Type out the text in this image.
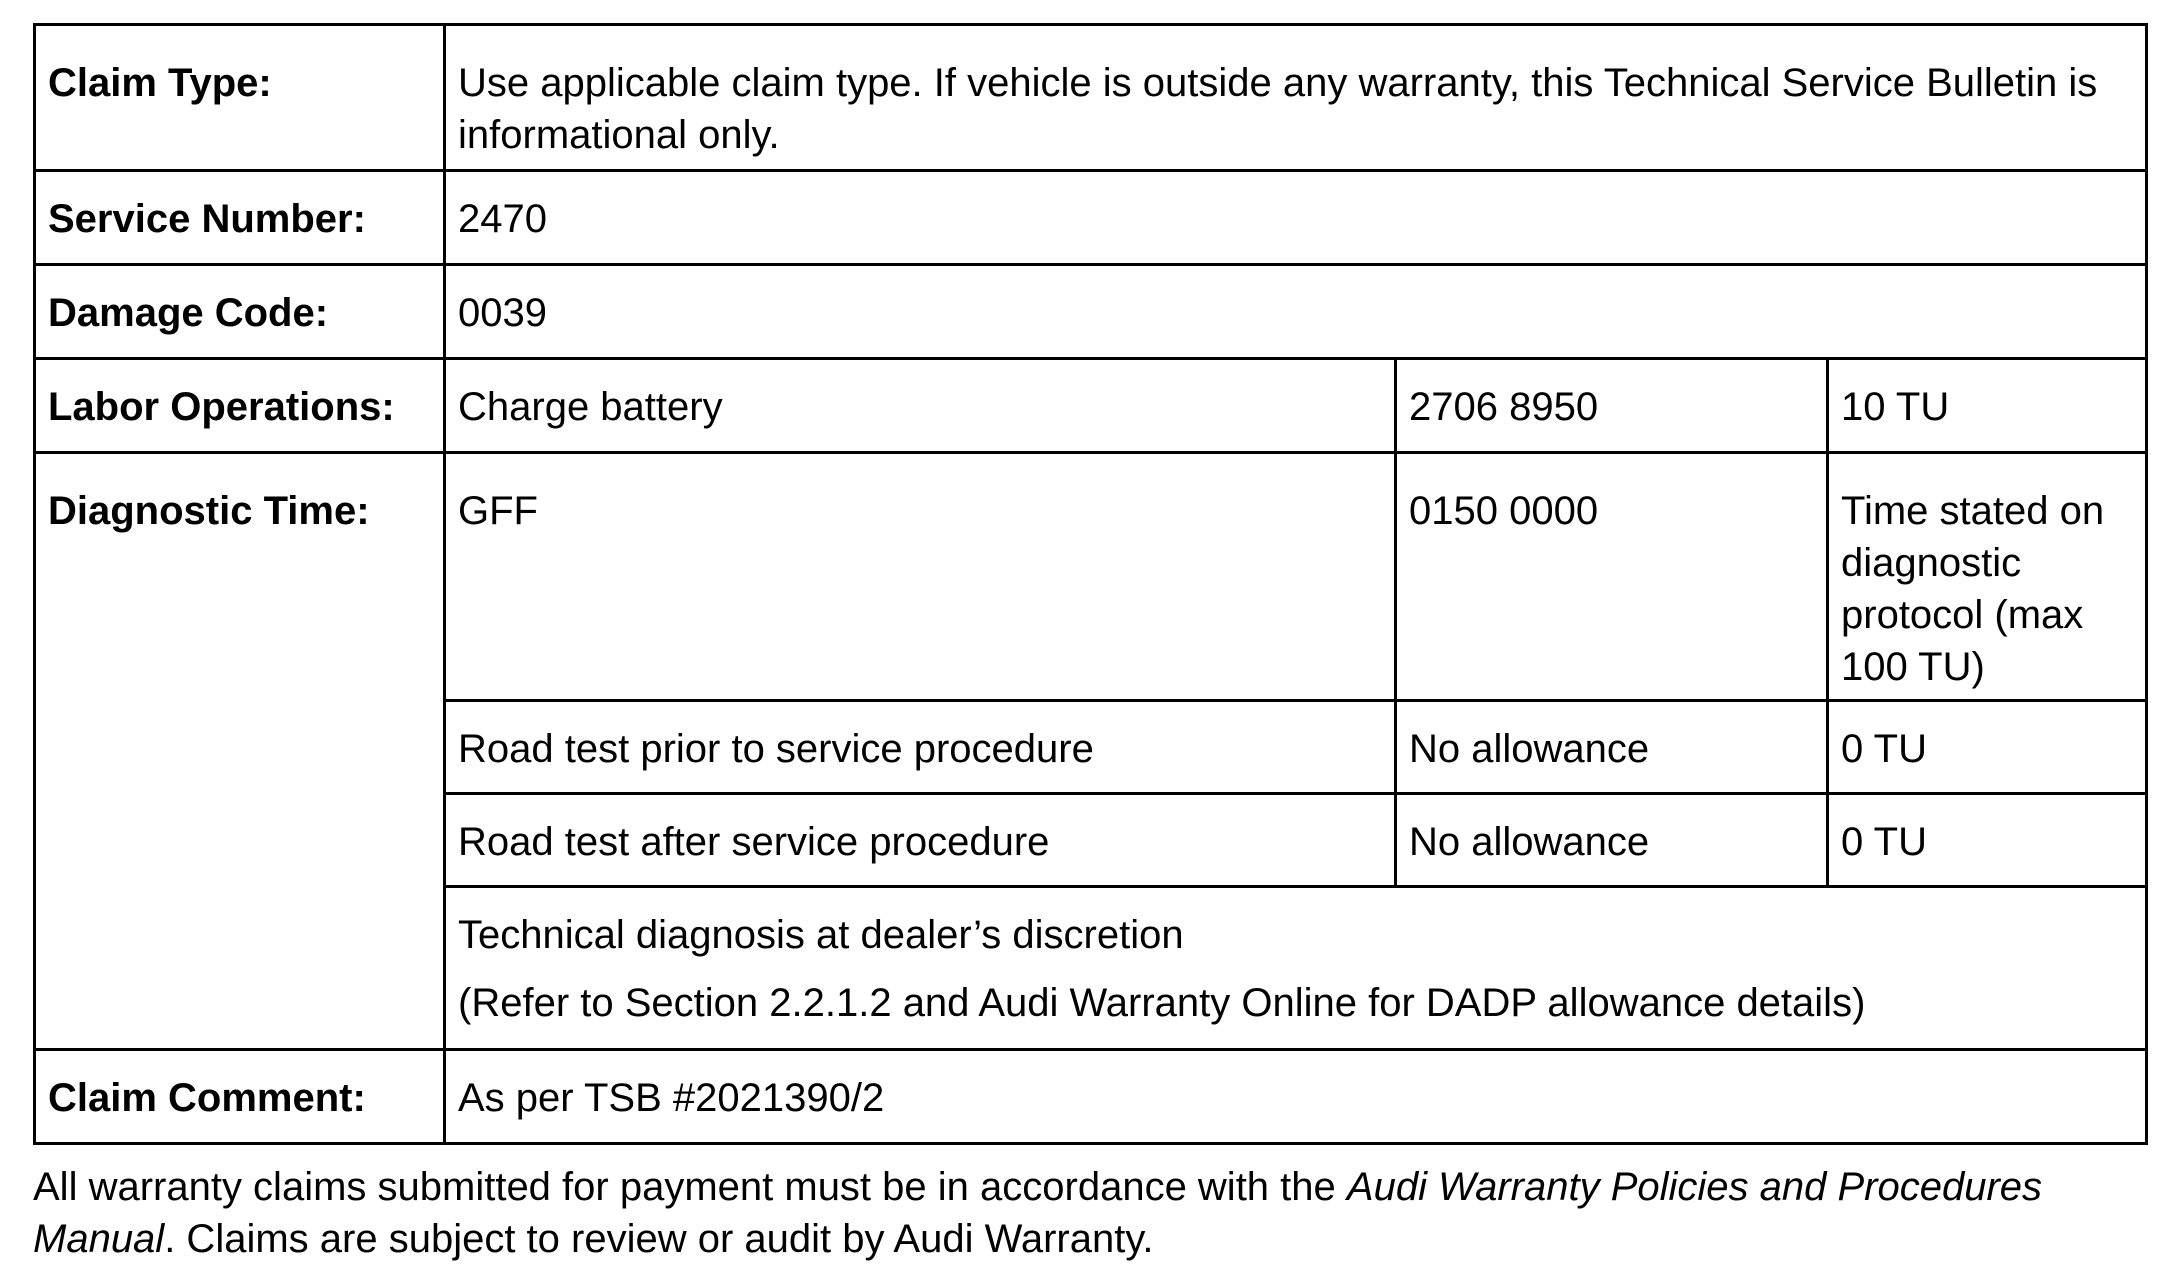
Claim Type:	Use applicable claim type. If vehicle is outside any warranty, this Technical Service Bulletin is informational only.		
Service Number:	2470		
Damage Code:	0039		
Labor Operations:	Charge battery	2706 8950	10 TU
Diagnostic Time:	GFF	0150 0000	Time stated on diagnostic protocol (max 100 TU)
	Road test prior to service procedure	No allowance	0 TU
	Road test after service procedure	No allowance	0 TU
	Technical diagnosis at dealer’s discretion
(Refer to Section 2.2.1.2 and Audi Warranty Online for DADP allowance details)		

Claim Comment:	As per TSB #2021390/2		
All warranty claims submitted for payment must be in accordance with the Audi Warranty Policies and Procedures Manual. Claims are subject to review or audit by Audi Warranty.
